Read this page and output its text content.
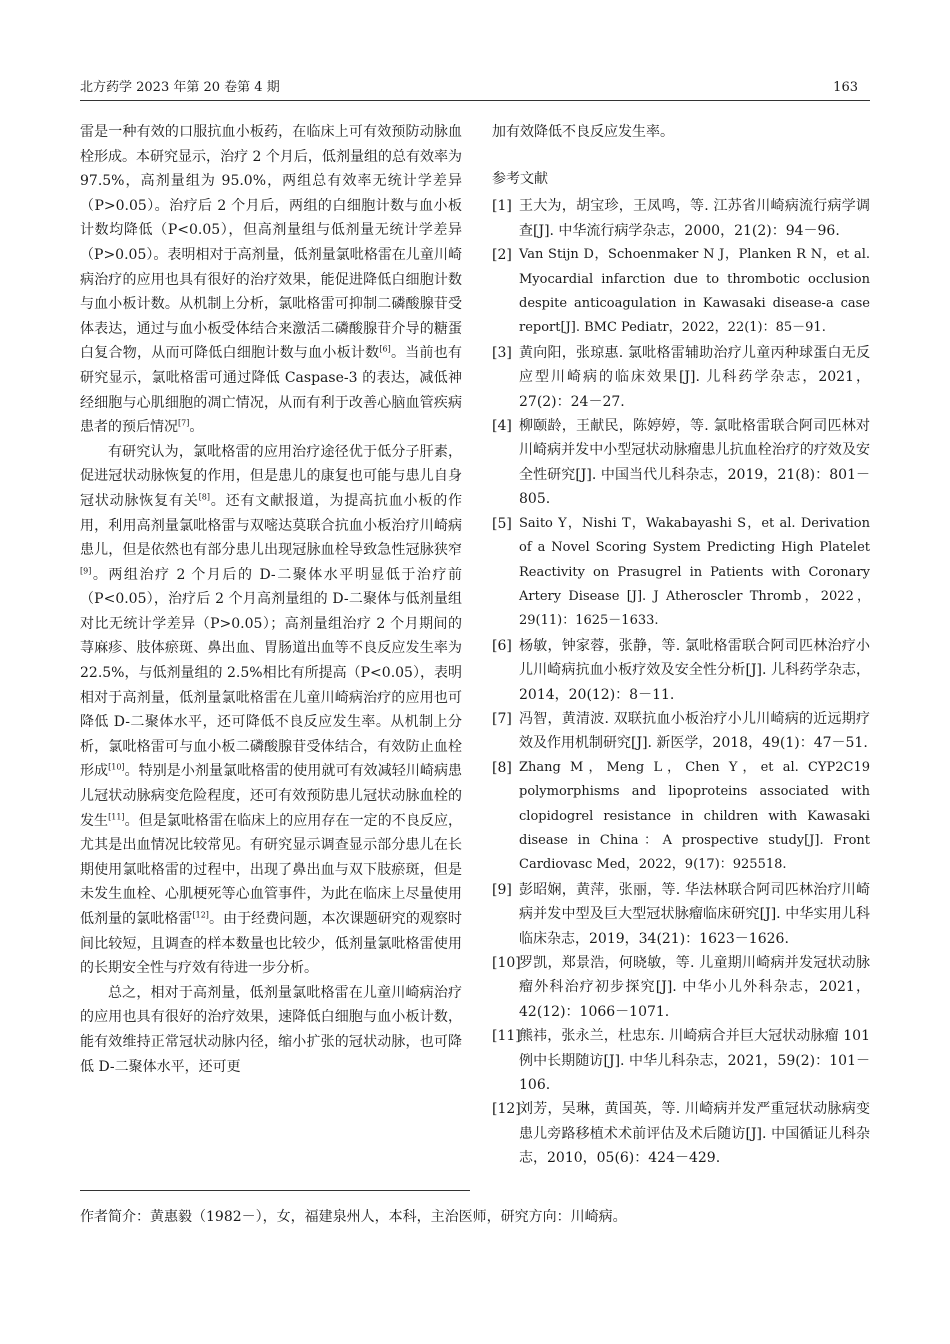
北方药学 2023 年第 20 卷第 4 期	163

雷是一种有效的口服抗血小板药，在临床上可有效预防动脉血栓形成。本研究显示，治疗 2 个月后，低剂量组的总有效率为 97.5%，高剂量组为 95.0%，两组总有效率无统计学差异（P>0.05）。治疗后 2 个月后，两组的白细胞计数与血小板计数均降低（P<0.05），但高剂量组与低剂量无统计学差异（P>0.05）。表明相对于高剂量，低剂量氯吡格雷在儿童川崎病治疗的应用也具有很好的治疗效果，能促进降低白细胞计数与血小板计数。从机制上分析，氯吡格雷可抑制二磷酸腺苷受体表达，通过与血小板受体结合来激活二磷酸腺苷介导的糖蛋白复合物，从而可降低白细胞计数与血小板计数[6]。当前也有研究显示，氯吡格雷可通过降低 Caspase-3 的表达，减低神经细胞与心肌细胞的凋亡情况，从而有利于改善心脑血管疾病患者的预后情况[7]。

有研究认为，氯吡格雷的应用治疗途径优于低分子肝素，促进冠状动脉恢复的作用，但是患儿的康复也可能与患儿自身冠状动脉恢复有关[8]。还有文献报道，为提高抗血小板的作用，利用高剂量氯吡格雷与双嘧达莫联合抗血小板治疗川崎病患儿，但是依然也有部分患儿出现冠脉血栓导致急性冠脉狭窄[9]。两组治疗 2 个月后的 D-二聚体水平明显低于治疗前（P<0.05），治疗后 2 个月高剂量组的 D-二聚体与低剂量组对比无统计学差异（P>0.05）；高剂量组治疗 2 个月期间的荨麻疹、肢体瘀斑、鼻出血、胃肠道出血等不良反应发生率为 22.5%，与低剂量组的 2.5%相比有所提高（P<0.05），表明相对于高剂量，低剂量氯吡格雷在儿童川崎病治疗的应用也可降低 D-二聚体水平，还可降低不良反应发生率。从机制上分析，氯吡格雷可与血小板二磷酸腺苷受体结合，有效防止血栓形成[10]。特别是小剂量氯吡格雷的使用就可有效减轻川崎病患儿冠状动脉病变危险程度，还可有效预防患儿冠状动脉血栓的发生[11]。但是氯吡格雷在临床上的应用存在一定的不良反应，尤其是出血情况比较常见。有研究显示调查显示部分患儿在长期使用氯吡格雷的过程中，出现了鼻出血与双下肢瘀斑，但是未发生血栓、心肌梗死等心血管事件，为此在临床上尽量使用低剂量的氯吡格雷[12]。由于经费问题，本次课题研究的观察时间比较短，且调查的样本数量也比较少，低剂量氯吡格雷使用的长期安全性与疗效有待进一步分析。

总之，相对于高剂量，低剂量氯吡格雷在儿童川崎病治疗的应用也具有很好的治疗效果，速降低白细胞与血小板计数，能有效维持正常冠状动脉内径，缩小扩张的冠状动脉，也可降低 D-二聚体水平，还可更

加有效降低不良反应发生率。

参考文献
[1] 王大为，胡宝珍，王凤鸣，等. 江苏省川崎病流行病学调查[J]. 中华流行病学杂志，2000，21(2)：94－96.
[2] Van Stijn D，Schoenmaker N J，Planken R N，et al. Myocardial infarction due to thrombotic occlusion despite anticoagulation in Kawasaki disease-a case report[J]. BMC Pediatr，2022，22(1)：85－91.
[3] 黄向阳，张琼惠. 氯吡格雷辅助治疗儿童丙种球蛋白无反应型川崎病的临床效果[J]. 儿科药学杂志，2021，27(2)：24－27.
[4] 柳颐龄，王献民，陈婷婷，等. 氯吡格雷联合阿司匹林对川崎病并发中小型冠状动脉瘤患儿抗血栓治疗的疗效及安全性研究[J]. 中国当代儿科杂志，2019，21(8)：801－805.
[5] Saito Y，Nishi T，Wakabayashi S，et al. Derivation of a Novel Scoring System Predicting High Platelet Reactivity on Prasugrel in Patients with Coronary Artery Disease [J]. J Atheroscler Thromb，2022，29(11)：1625－1633.
[6] 杨敏，钟家蓉，张静，等. 氯吡格雷联合阿司匹林治疗小儿川崎病抗血小板疗效及安全性分析[J]. 儿科药学杂志，2014，20(12)：8－11.
[7] 冯智，黄清波. 双联抗血小板治疗小儿川崎病的近远期疗效及作用机制研究[J]. 新医学，2018，49(1)：47－51.
[8] Zhang M，Meng L，Chen Y，et al. CYP2C19 polymorphisms and lipoproteins associated with clopidogrel resistance in children with Kawasaki disease in China：A prospective study[J]. Front Cardiovasc Med，2022，9(17)：925518.
[9] 彭昭娴，黄萍，张丽，等. 华法林联合阿司匹林治疗川崎病并发中型及巨大型冠状脉瘤临床研究[J]. 中华实用儿科临床杂志，2019，34(21)：1623－1626.
[10]
罗凯，郑景浩，何晓敏，等. 儿童期川崎病并发冠状动脉瘤外科治疗初步探究[J]. 中华小儿外科杂志，2021，42(12)：1066－1071.
[11]
熊祎，张永兰，杜忠东. 川崎病合并巨大冠状动脉瘤 101 例中长期随访[J]. 中华儿科杂志，2021，59(2)：101－106.
[12]
刘芳，吴琳，黄国英，等. 川崎病并发严重冠状动脉病变患儿旁路移植术术前评估及术后随访[J]. 中国循证儿科杂志，2010，05(6)：424－429.
作者简介：黄惠毅（1982－），女，福建泉州人，本科，主治医师，研究方向：川崎病。
